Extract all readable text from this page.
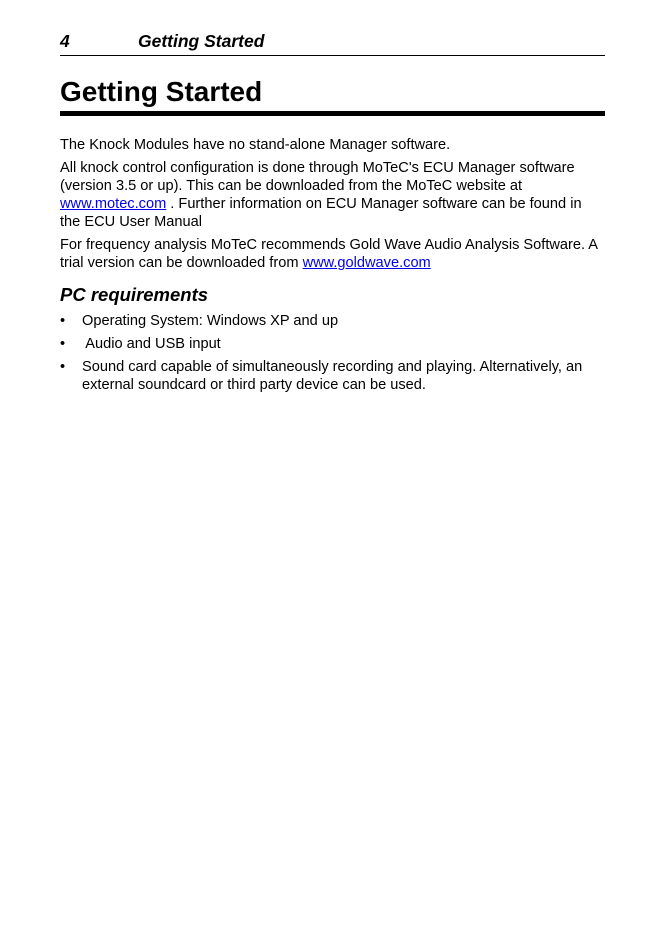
4	Getting Started
Getting Started

The Knock Modules have no stand-alone Manager software.

All knock control configuration is done through MoTeC's ECU Manager software (version 3.5 or up). This can be downloaded from the MoTeC website at www.motec.com . Further information on ECU Manager software can be found in the ECU User Manual

For frequency analysis MoTeC recommends Gold Wave Audio Analysis Software. A trial version can be downloaded from www.goldwave.com

PC requirements
• Operating System: Windows XP and up
• Audio and USB input
• Sound card capable of simultaneously recording and playing. Alternatively, an external soundcard or third party device can be used.
